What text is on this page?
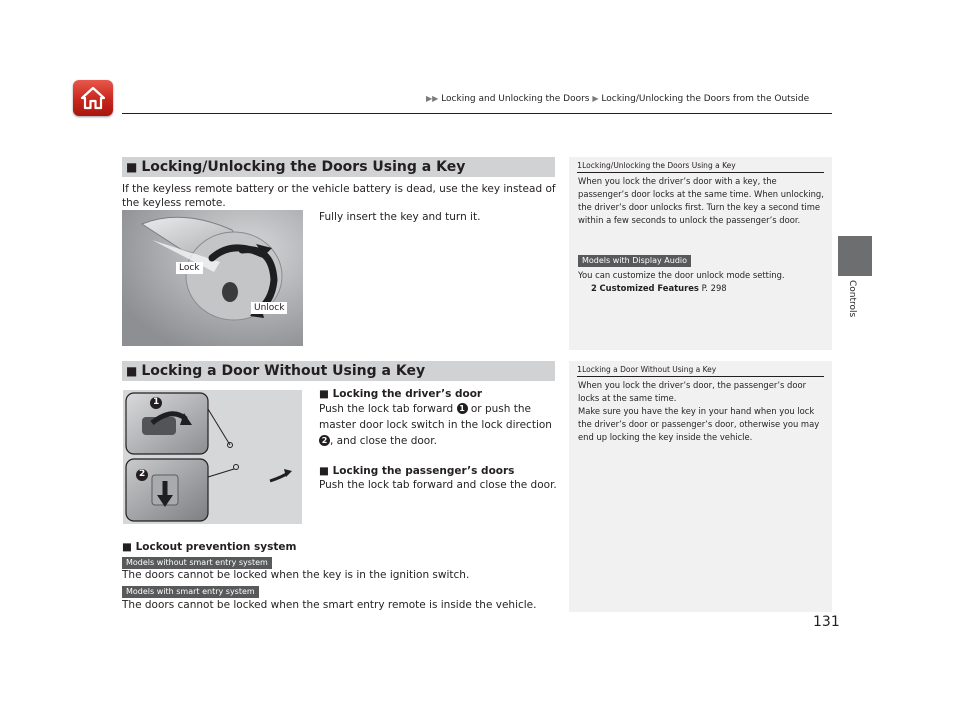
▶▶ Locking and Unlocking the Doors ▶ Locking/Unlocking the Doors from the Outside
Controls
■ Locking/Unlocking the Doors Using a Key
If the keyless remote battery or the vehicle battery is dead, use the key instead of the keyless remote.
Lock
Unlock
Fully insert the key and turn it.
1Locking/Unlocking the Doors Using a Key
When you lock the driver’s door with a key, the passenger’s door locks at the same time. When unlocking, the driver’s door unlocks first. Turn the key a second time within a few seconds to unlock the passenger’s door.
Models with Display Audio
You can customize the door unlock mode setting.
2 Customized Features P. 298
■ Locking a Door Without Using a Key
1
2
■ Locking the driver’s door
Push the lock tab forward 1 or push the master door lock switch in the lock direction 2 , and close the door.
■ Locking the passenger’s doors
Push the lock tab forward and close the door.
■ Lockout prevention system
Models without smart entry system
The doors cannot be locked when the key is in the ignition switch.
Models with smart entry system
The doors cannot be locked when the smart entry remote is inside the vehicle.
1Locking a Door Without Using a Key
When you lock the driver’s door, the passenger’s door locks at the same time.
Make sure you have the key in your hand when you lock the driver’s door or passenger’s door, otherwise you may end up locking the key inside the vehicle.
131
